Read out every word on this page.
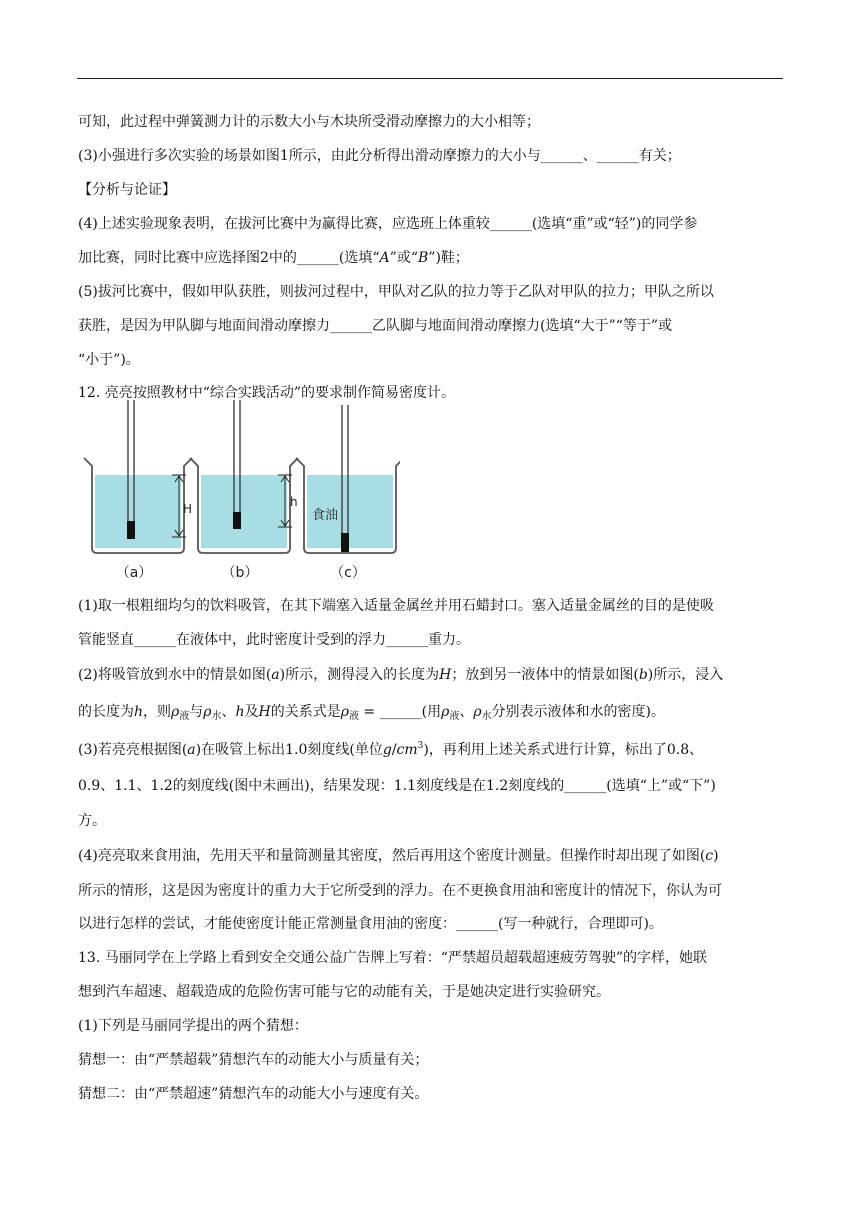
可知，此过程中弹簧测力计的示数大小与木块所受滑动摩擦力的大小相等；
(3)小强进行多次实验的场景如图1所示，由此分析得出滑动摩擦力的大小与______、______有关；
【分析与论证】
(4)上述实验现象表明，在拔河比赛中为赢得比赛，应选班上体重较______(选填“重”或“轻”)的同学参
加比赛，同时比赛中应选择图2中的______(选填“A”或“B”)鞋；
(5)拔河比赛中，假如甲队获胜，则拔河过程中，甲队对乙队的拉力等于乙队对甲队的拉力；甲队之所以
获胜，是因为甲队脚与地面间滑动摩擦力______乙队脚与地面间滑动摩擦力(选填“大于”“等于”或
“小于”)。
12. 亮亮按照教材中“综合实践活动”的要求制作简易密度计。
H
（a）
h
（b）
食油
（c）
(1)取一根粗细均匀的饮料吸管，在其下端塞入适量金属丝并用石蜡封口。塞入适量金属丝的目的是使吸
管能竖直______在液体中，此时密度计受到的浮力______重力。
(2)将吸管放到水中的情景如图(a)所示，测得浸入的长度为H；放到另一液体中的情景如图(b)所示，浸入
的长度为h，则$\rho_液$与$\rho_水$、h及H的关系式是$\rho_液$ = ______(用$\rho_液$、$\rho_水$分别表示液体和水的密度)。
(3)若亮亮根据图(a)在吸管上标出1.0刻度线(单位$g/cm^3$)，再利用上述关系式进行计算，标出了0.8、
0.9、1.1、1.2的刻度线(图中未画出)，结果发现：1.1刻度线是在1.2刻度线的______(选填“上”或“下”)
方。
(4)亮亮取来食用油，先用天平和量筒测量其密度，然后再用这个密度计测量。但操作时却出现了如图(c)
所示的情形，这是因为密度计的重力大于它所受到的浮力。在不更换食用油和密度计的情况下，你认为可
以进行怎样的尝试，才能使密度计能正常测量食用油的密度：______(写一种就行，合理即可)。
13. 马丽同学在上学路上看到安全交通公益广告牌上写着：“严禁超员超载超速疲劳驾驶”的字样，她联
想到汽车超速、超载造成的危险伤害可能与它的动能有关，于是她决定进行实验研究。
(1)下列是马丽同学提出的两个猜想：
猜想一：由“严禁超载”猜想汽车的动能大小与质量有关；
猜想二：由“严禁超速”猜想汽车的动能大小与速度有关。
